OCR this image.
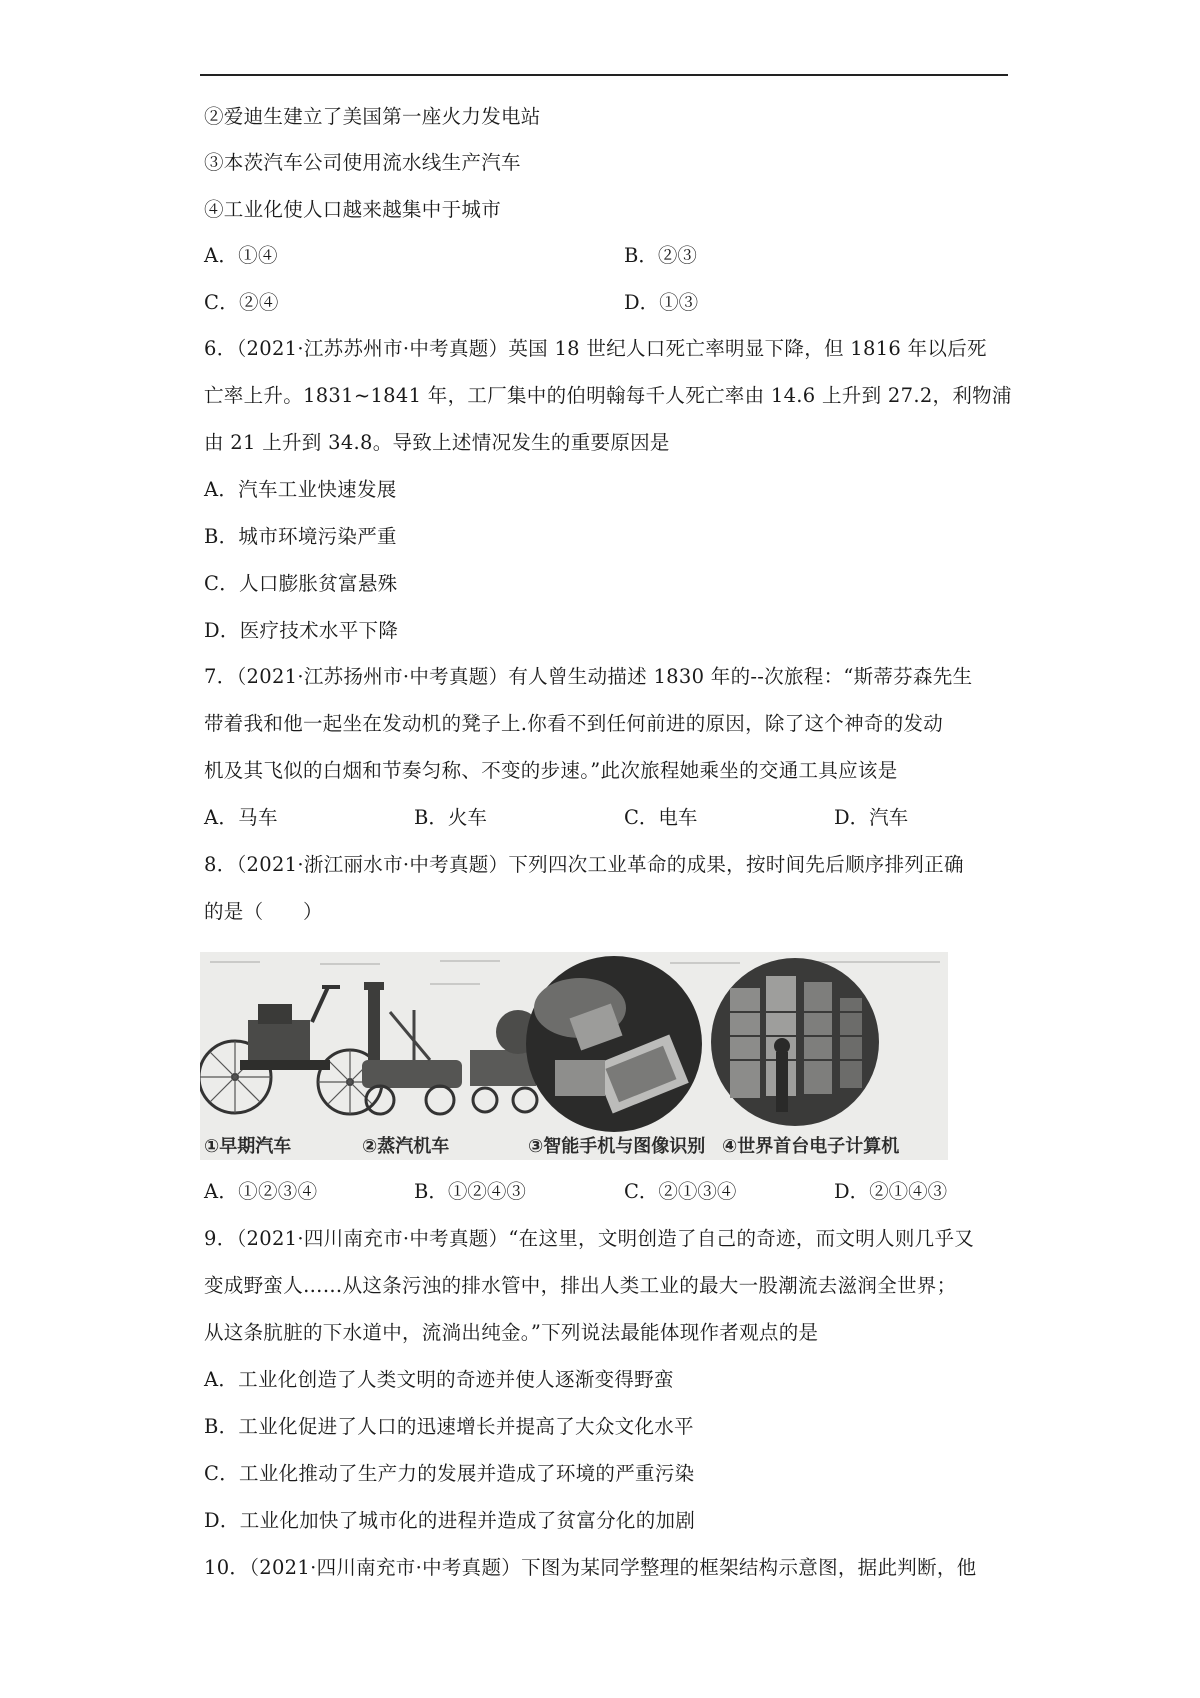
②爱迪生建立了美国第一座火力发电站
③本茨汽车公司使用流水线生产汽车
④工业化使人口越来越集中于城市
A．①④	B．②③
C．②④	D．①③
6．（2021·江苏苏州市·中考真题）英国 18 世纪人口死亡率明显下降，但 1816 年以后死
亡率上升。1831~1841 年，工厂集中的伯明翰每千人死亡率由 14.6 上升到 27.2，利物浦
由 21 上升到 34.8。导致上述情况发生的重要原因是
A．汽车工业快速发展
B．城市环境污染严重
C．人口膨胀贫富悬殊
D．医疗技术水平下降
7．（2021·江苏扬州市·中考真题）有人曾生动描述 1830 年的--次旅程：“斯蒂芬森先生
带着我和他一起坐在发动机的凳子上.你看不到任何前进的原因，除了这个神奇的发动
机及其飞似的白烟和节奏匀称、不变的步速。”此次旅程她乘坐的交通工具应该是
A．马车	B．火车	C．电车	D．汽车
8．（2021·浙江丽水市·中考真题）下列四次工业革命的成果，按时间先后顺序排列正确
的是（　　）
①早期汽车	②蒸汽机车	③智能手机与图像识别 ④世界首台电子计算机
A．①②③④	B．①②④③	C．②①③④	D．②①④③
9．（2021·四川南充市·中考真题）“在这里，文明创造了自己的奇迹，而文明人则几乎又
变成野蛮人……从这条污浊的排水管中，排出人类工业的最大一股潮流去滋润全世界；
从这条肮脏的下水道中，流淌出纯金。”下列说法最能体现作者观点的是
A．工业化创造了人类文明的奇迹并使人逐渐变得野蛮
B．工业化促进了人口的迅速增长并提高了大众文化水平
C．工业化推动了生产力的发展并造成了环境的严重污染
D．工业化加快了城市化的进程并造成了贫富分化的加剧
10．（2021·四川南充市·中考真题）下图为某同学整理的框架结构示意图，据此判断，他
